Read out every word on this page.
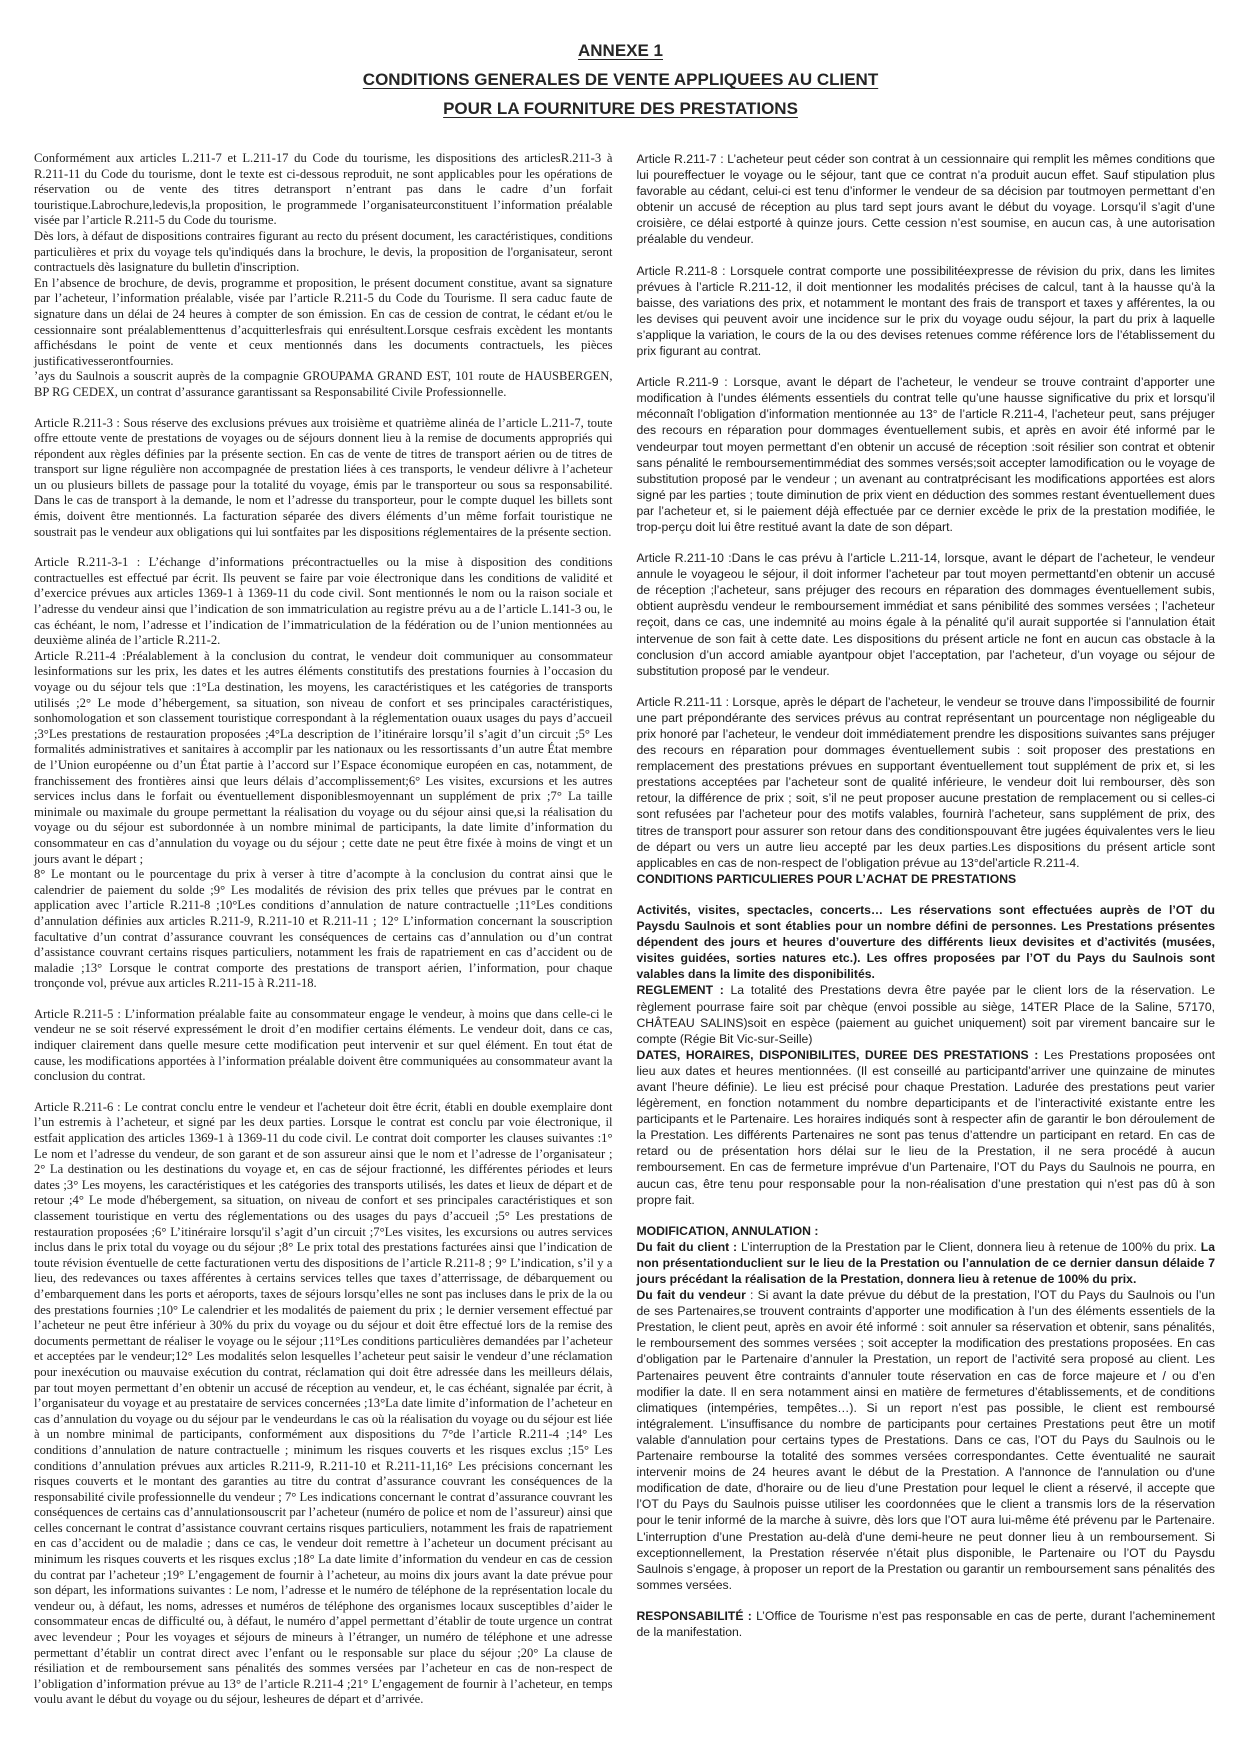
ANNEXE 1
CONDITIONS GENERALES DE VENTE APPLIQUEES AU CLIENT
POUR LA FOURNITURE DES PRESTATIONS

Conformément aux articles L.211-7 et L.211-17 du Code du tourisme, les dispositions des articlesR.211-3 à R.211-11 du Code du tourisme, dont le texte est ci-dessous reproduit, ne sont applicables pour les opérations de réservation ou de vente des titres detransport n’entrant pas dans le cadre d’un forfait touristique.Labrochure,ledevis,la proposition, le programmede l’organisateurconstituent l’information préalable visée par l’article R.211-5 du Code du tourisme.

Dès lors, à défaut de dispositions contraires figurant au recto du présent document, les caractéristiques, conditions particulières et prix du voyage tels qu'indiqués dans la brochure, le devis, la proposition de l'organisateur, seront contractuels dès lasignature du bulletin d'inscription.

En l’absence de brochure, de devis, programme et proposition, le présent document constitue, avant sa signature par l’acheteur, l’information préalable, visée par l’article R.211-5 du Code du Tourisme. Il sera caduc faute de signature dans un délai de 24 heures à compter de son émission. En cas de cession de contrat, le cédant et/ou le cessionnaire sont préalablementtenus d’acquitterlesfrais qui enrésultent.Lorsque cesfrais excèdent les montants affichésdans le point de vente et ceux mentionnés dans les documents contractuels, les pièces justificativesserontfournies.

’ays du Saulnois a souscrit auprès de la compagnie GROUPAMA GRAND EST, 101 route de HAUSBERGEN, BP RG CEDEX, un contrat d’assurance garantissant sa Responsabilité Civile Professionnelle.

Article R.211-3 : Sous réserve des exclusions prévues aux troisième et quatrième alinéa de l’article L.211-7, toute offre ettoute vente de prestations de voyages ou de séjours donnent lieu à la remise de documents appropriés qui répondent aux règles définies par la présente section. En cas de vente de titres de transport aérien ou de titres de transport sur ligne régulière non accompagnée de prestation liées à ces transports, le vendeur délivre à l’acheteur un ou plusieurs billets de passage pour la totalité du voyage, émis par le transporteur ou sous sa responsabilité. Dans le cas de transport à la demande, le nom et l’adresse du transporteur, pour le compte duquel les billets sont émis, doivent être mentionnés. La facturation séparée des divers éléments d’un même forfait touristique ne soustrait pas le vendeur aux obligations qui lui sontfaites par les dispositions réglementaires de la présente section.

Article R.211-3-1 : L’échange d’informations précontractuelles ou la mise à disposition des conditions contractuelles est effectué par écrit. Ils peuvent se faire par voie électronique dans les conditions de validité et d’exercice prévues aux articles 1369-1 à 1369-11 du code civil. Sont mentionnés le nom ou la raison sociale et l’adresse du vendeur ainsi que l’indication de son immatriculation au registre prévu au a de l’article L.141-3 ou, le cas échéant, le nom, l’adresse et l’indication de l’immatriculation de la fédération ou de l’union mentionnées au deuxième alinéa de l’article R.211-2.

Article R.211-4 :Préalablement à la conclusion du contrat, le vendeur doit communiquer au consommateur lesinformations sur les prix, les dates et les autres éléments constitutifs des prestations fournies à l’occasion du voyage ou du séjour tels que :1°La destination, les moyens, les caractéristiques et les catégories de transports utilisés ;2° Le mode d’hébergement, sa situation, son niveau de confort et ses principales caractéristiques, sonhomologation et son classement touristique correspondant à la réglementation ouaux usages du pays d’accueil ;3°Les prestations de restauration proposées ;4°La description de l’itinéraire lorsqu’il s’agit d’un circuit ;5° Les formalités administratives et sanitaires à accomplir par les nationaux ou les ressortissants d’un autre État membre de l’Union européenne ou d’un État partie à l’accord sur l’Espace économique européen en cas, notamment, de franchissement des frontières ainsi que leurs délais d’accomplissement;6° Les visites, excursions et les autres services inclus dans le forfait ou éventuellement disponiblesmoyennant un supplément de prix ;7° La taille minimale ou maximale du groupe permettant la réalisation du voyage ou du séjour ainsi que,si la réalisation du voyage ou du séjour est subordonnée à un nombre minimal de participants, la date limite d’information du consommateur en cas d’annulation du voyage ou du séjour ; cette date ne peut être fixée à moins de vingt et un jours avant le départ ;

8° Le montant ou le pourcentage du prix à verser à titre d’acompte à la conclusion du contrat ainsi que le calendrier de paiement du solde ;9° Les modalités de révision des prix telles que prévues par le contrat en application avec l’article R.211-8 ;10°Les conditions d’annulation de nature contractuelle ;11°Les conditions d’annulation définies aux articles R.211-9, R.211-10 et R.211-11 ; 12° L’information concernant la souscription facultative d’un contrat d’assurance couvrant les conséquences de certains cas d’annulation ou d’un contrat d’assistance couvrant certains risques particuliers, notamment les frais de rapatriement en cas d’accident ou de maladie ;13° Lorsque le contrat comporte des prestations de transport aérien, l’information, pour chaque tronçonde vol, prévue aux articles R.211-15 à R.211-18.

Article R.211-5 : L’information préalable faite au consommateur engage le vendeur, à moins que dans celle-ci le vendeur ne se soit réservé expressément le droit d’en modifier certains éléments. Le vendeur doit, dans ce cas, indiquer clairement dans quelle mesure cette modification peut intervenir et sur quel élément. En tout état de cause, les modifications apportées à l’information préalable doivent être communiquées au consommateur avant la conclusion du contrat.

Article R.211-6 : Le contrat conclu entre le vendeur et l'acheteur doit être écrit, établi en double exemplaire dont l’un estremis à l’acheteur, et signé par les deux parties. Lorsque le contrat est conclu par voie électronique, il estfait application des articles 1369-1 à 1369-11 du code civil. Le contrat doit comporter les clauses suivantes :1° Le nom et l’adresse du vendeur, de son garant et de son assureur ainsi que le nom et l’adresse de l’organisateur ; 2° La destination ou les destinations du voyage et, en cas de séjour fractionné, les différentes périodes et leurs dates ;3° Les moyens, les caractéristiques et les catégories des transports utilisés, les dates et lieux de départ et de retour ;4° Le mode d'hébergement, sa situation, on niveau de confort et ses principales caractéristiques et son classement touristique en vertu des réglementations ou des usages du pays d’accueil ;5° Les prestations de restauration proposées ;6° L’itinéraire lorsqu'il s’agit d’un circuit ;7°Les visites, les excursions ou autres services inclus dans le prix total du voyage ou du séjour ;8° Le prix total des prestations facturées ainsi que l’indication de toute révision éventuelle de cette facturationen vertu des dispositions de l’article R.211-8 ; 9° L’indication, s’il y a lieu, des redevances ou taxes afférentes à certains services telles que taxes d’atterrissage, de débarquement ou d’embarquement dans les ports et aéroports, taxes de séjours lorsqu’elles ne sont pas incluses dans le prix de la ou des prestations fournies ;10° Le calendrier et les modalités de paiement du prix ; le dernier versement effectué par l’acheteur ne peut être inférieur à 30% du prix du voyage ou du séjour et doit être effectué lors de la remise des documents permettant de réaliser le voyage ou le séjour ;11°Les conditions particulières demandées par l’acheteur et acceptées par le vendeur;12° Les modalités selon lesquelles l’acheteur peut saisir le vendeur d’une réclamation pour inexécution ou mauvaise exécution du contrat, réclamation qui doit être adressée dans les meilleurs délais, par tout moyen permettant d’en obtenir un accusé de réception au vendeur, et, le cas échéant, signalée par écrit, à l’organisateur du voyage et au prestataire de services concernées ;13°La date limite d’information de l’acheteur en cas d’annulation du voyage ou du séjour par le vendeurdans le cas où la réalisation du voyage ou du séjour est liée à un nombre minimal de participants, conformément aux dispositions du 7°de l’article R.211-4 ;14° Les conditions d’annulation de nature contractuelle ; minimum les risques couverts et les risques exclus ;15° Les conditions d’annulation prévues aux articles R.211-9, R.211-10 et R.211-11,16° Les précisions concernant les risques couverts et le montant des garanties au titre du contrat d’assurance couvrant les conséquences de la responsabilité civile professionnelle du vendeur ; 7° Les indications concernant le contrat d’assurance couvrant les conséquences de certains cas d’annulationsouscrit par l’acheteur (numéro de police et nom de l’assureur) ainsi que celles concernant le contrat d’assistance couvrant certains risques particuliers, notamment les frais de rapatriement en cas d’accident ou de maladie ; dans ce cas, le vendeur doit remettre à l’acheteur un document précisant au minimum les risques couverts et les risques exclus ;18° La date limite d’information du vendeur en cas de cession du contrat par l’acheteur ;19° L’engagement de fournir à l’acheteur, au moins dix jours avant la date prévue pour son départ, les informations suivantes : Le nom, l’adresse et le numéro de téléphone de la représentation locale du vendeur ou, à défaut, les noms, adresses et numéros de téléphone des organismes locaux susceptibles d’aider le consommateur encas de difficulté ou, à défaut, le numéro d’appel permettant d’établir de toute urgence un contrat avec levendeur ; Pour les voyages et séjours de mineurs à l’étranger, un numéro de téléphone et une adresse permettant d’établir un contrat direct avec l’enfant ou le responsable sur place du séjour ;20° La clause de résiliation et de remboursement sans pénalités des sommes versées par l’acheteur en cas de non-respect de l’obligation d’information prévue au 13° de l’article R.211-4 ;21° L’engagement de fournir à l’acheteur, en temps voulu avant le début du voyage ou du séjour, lesheures de départ et d’arrivée.

Article R.211-7 : L’acheteur peut céder son contrat à un cessionnaire qui remplit les mêmes conditions que lui poureffectuer le voyage ou le séjour, tant que ce contrat n’a produit aucun effet. Sauf stipulation plus favorable au cédant, celui-ci est tenu d’informer le vendeur de sa décision par toutmoyen permettant d’en obtenir un accusé de réception au plus tard sept jours avant le début du voyage. Lorsqu’il s’agit d’une croisière, ce délai estporté à quinze jours. Cette cession n’est soumise, en aucun cas, à une autorisation préalable du vendeur.

Article R.211-8 : Lorsquele contrat comporte une possibilitéexpresse de révision du prix, dans les limites prévues à l’article R.211-12, il doit mentionner les modalités précises de calcul, tant à la hausse qu’à la baisse, des variations des prix, et notamment le montant des frais de transport et taxes y afférentes, la ou les devises qui peuvent avoir une incidence sur le prix du voyage oudu séjour, la part du prix à laquelle s’applique la variation, le cours de la ou des devises retenues comme référence lors de l’établissement du prix figurant au contrat.

Article R.211-9 : Lorsque, avant le départ de l’acheteur, le vendeur se trouve contraint d’apporter une modification à l’undes éléments essentiels du contrat telle qu’une hausse significative du prix et lorsqu’il méconnaît l’obligation d’information mentionnée au 13° de l’article R.211-4, l’acheteur peut, sans préjuger des recours en réparation pour dommages éventuellement subis, et après en avoir été informé par le vendeurpar tout moyen permettant d’en obtenir un accusé de réception :soit résilier son contrat et obtenir sans pénalité le remboursementimmédiat des sommes versés;soit accepter lamodification ou le voyage de substitution proposé par le vendeur ; un avenant au contratprécisant les modifications apportées est alors signé par les parties ; toute diminution de prix vient en déduction des sommes restant éventuellement dues par l’acheteur et, si le paiement déjà effectuée par ce dernier excède le prix de la prestation modifiée, le trop-perçu doit lui être restitué avant la date de son départ.

Article R.211-10 :Dans le cas prévu à l’article L.211-14, lorsque, avant le départ de l’acheteur, le vendeur annule le voyageou le séjour, il doit informer l’acheteur par tout moyen permettantd’en obtenir un accusé de réception ;l’acheteur, sans préjuger des recours en réparation des dommages éventuellement subis, obtient auprèsdu vendeur le remboursement immédiat et sans pénibilité des sommes versées ; l’acheteur reçoit, dans ce cas, une indemnité au moins égale à la pénalité qu’il aurait supportée si l’annulation était intervenue de son fait à cette date. Les dispositions du présent article ne font en aucun cas obstacle à la conclusion d’un accord amiable ayantpour objet l’acceptation, par l’acheteur, d’un voyage ou séjour de substitution proposé par le vendeur.

Article R.211-11 : Lorsque, après le départ de l’acheteur, le vendeur se trouve dans l’impossibilité de fournir une part prépondérante des services prévus au contrat représentant un pourcentage non négligeable du prix honoré par l’acheteur, le vendeur doit immédiatement prendre les dispositions suivantes sans préjuger des recours en réparation pour dommages éventuellement subis : soit proposer des prestations en remplacement des prestations prévues en supportant éventuellement tout supplément de prix et, si les prestations acceptées par l’acheteur sont de qualité inférieure, le vendeur doit lui rembourser, dès son retour, la différence de prix ; soit, s’il ne peut proposer aucune prestation de remplacement ou si celles-ci sont refusées par l’acheteur pour des motifs valables, fournirà l’acheteur, sans supplément de prix, des titres de transport pour assurer son retour dans des conditionspouvant être jugées équivalentes vers le lieu de départ ou vers un autre lieu accepté par les deux parties.Les dispositions du présent article sont applicables en cas de non-respect de l’obligation prévue au 13°del’article R.211-4.

CONDITIONS PARTICULIERES POUR L’ACHAT DE PRESTATIONS

Activités, visites, spectacles, concerts… Les réservations sont effectuées auprès de l’OT du Paysdu Saulnois et sont établies pour un nombre défini de personnes. Les Prestations présentes dépendent des jours et heures d’ouverture des différents lieux devisites et d’activités (musées, visites guidées, sorties natures etc.). Les offres proposées par l’OT du Pays du Saulnois sont valables dans la limite des disponibilités.

REGLEMENT : La totalité des Prestations devra être payée par le client lors de la réservation. Le règlement pourrase faire soit par chèque (envoi possible au siège, 14TER Place de la Saline, 57170, CHÂTEAU SALINS)soit en espèce (paiement au guichet uniquement) soit par virement bancaire sur le compte (Régie Bit Vic-sur-Seille)

DATES, HORAIRES, DISPONIBILITES, DUREE DES PRESTATIONS : Les Prestations proposées ont lieu aux dates et heures mentionnées. (Il est conseillé au participantd’arriver une quinzaine de minutes avant l’heure définie). Le lieu est précisé pour chaque Prestation. Ladurée des prestations peut varier légèrement, en fonction notamment du nombre departicipants et de l’interactivité existante entre les participants et le Partenaire. Les horaires indiqués sont à respecter afin de garantir le bon déroulement de la Prestation. Les différents Partenaires ne sont pas tenus d’attendre un participant en retard. En cas de retard ou de présentation hors délai sur le lieu de la Prestation, il ne sera procédé à aucun remboursement. En cas de fermeture imprévue d’un Partenaire, l’OT du Pays du Saulnois ne pourra, en aucun cas, être tenu pour responsable pour la non-réalisation d’une prestation qui n’est pas dû à son propre fait.

MODIFICATION, ANNULATION :

Du fait du client : L’interruption de la Prestation par le Client, donnera lieu à retenue de 100% du prix. La non présentationduclient sur le lieu de la Prestation ou l’annulation de ce dernier dansun délaide 7 jours précédant la réalisation de la Prestation, donnera lieu à retenue de 100% du prix.

Du fait du vendeur : Si avant la date prévue du début de la prestation, l’OT du Pays du Saulnois ou l’un de ses Partenaires,se trouvent contraints d’apporter une modification à l’un des éléments essentiels de la Prestation, le client peut, après en avoir été informé : soit annuler sa réservation et obtenir, sans pénalités, le remboursement des sommes versées ; soit accepter la modification des prestations proposées. En cas d’obligation par le Partenaire d’annuler la Prestation, un report de l’activité sera proposé au client. Les Partenaires peuvent être contraints d’annuler toute réservation en cas de force majeure et / ou d’en modifier la date. Il en sera notamment ainsi en matière de fermetures d’établissements, et de conditions climatiques (intempéries, tempêtes…). Si un report n’est pas possible, le client est remboursé intégralement. L’insuffisance du nombre de participants pour certaines Prestations peut être un motif valable d'annulation pour certains types de Prestations. Dans ce cas, l’OT du Pays du Saulnois ou le Partenaire rembourse la totalité des sommes versées correspondantes. Cette éventualité ne saurait intervenir moins de 24 heures avant le début de la Prestation. A l'annonce de l'annulation ou d'une modification de date, d'horaire ou de lieu d’une Prestation pour lequel le client a réservé, il accepte que l’OT du Pays du Saulnois puisse utiliser les coordonnées que le client a transmis lors de la réservation pour le tenir informé de la marche à suivre, dès lors que l’OT aura lui-même été prévenu par le Partenaire. L'interruption d’une Prestation au-delà d'une demi-heure ne peut donner lieu à un remboursement. Si exceptionnellement, la Prestation réservée n’était plus disponible, le Partenaire ou l’OT du Paysdu Saulnois s’engage, à proposer un report de la Prestation ou garantir un remboursement sans pénalités des sommes versées.

RESPONSABILITÉ : L’Office de Tourisme n’est pas responsable en cas de perte, durant l’acheminement de la manifestation.
